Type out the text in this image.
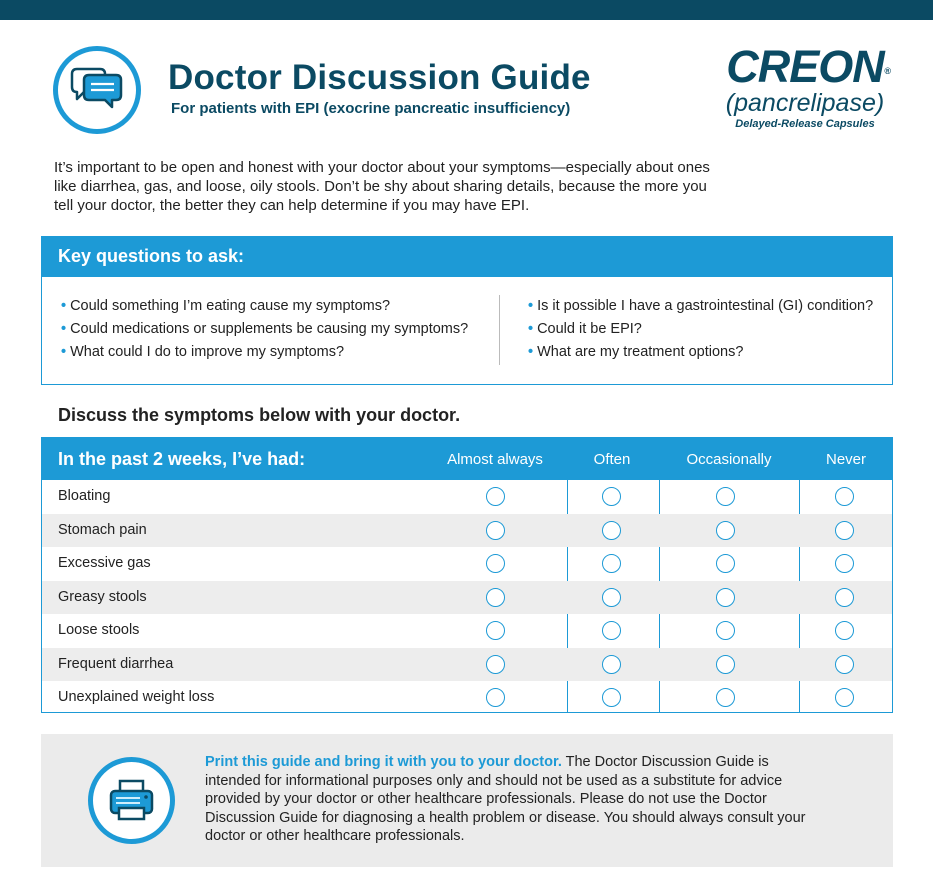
Doctor Discussion Guide
For patients with EPI (exocrine pancreatic insufficiency)
CREON ®
(pancrelipase)
Delayed-Release Capsules

It’s important to be open and honest with your doctor about your symptoms—especially about ones like diarrhea, gas, and loose, oily stools. Don’t be shy about sharing details, because the more you tell your doctor, the better they can help determine if you may have EPI.

Key questions to ask:
• Could something I’m eating cause my symptoms?
• Could medications or supplements be causing my symptoms?
• What could I do to improve my symptoms?
• Is it possible I have a gastrointestinal (GI) condition?
• Could it be EPI?
• What are my treatment options?
Discuss the symptoms below with your doctor.
In the past 2 weeks, I’ve had:	Almost always	Often	Occasionally	Never
Bloating
Stomach pain
Excessive gas
Greasy stools
Loose stools
Frequent diarrhea
Unexplained weight loss

Print this guide and bring it with you to your doctor. The Doctor Discussion Guide is intended for informational purposes only and should not be used as a substitute for advice provided by your doctor or other healthcare professionals. Please do not use the Doctor Discussion Guide for diagnosing a health problem or disease. You should always consult your doctor or other healthcare professionals.
